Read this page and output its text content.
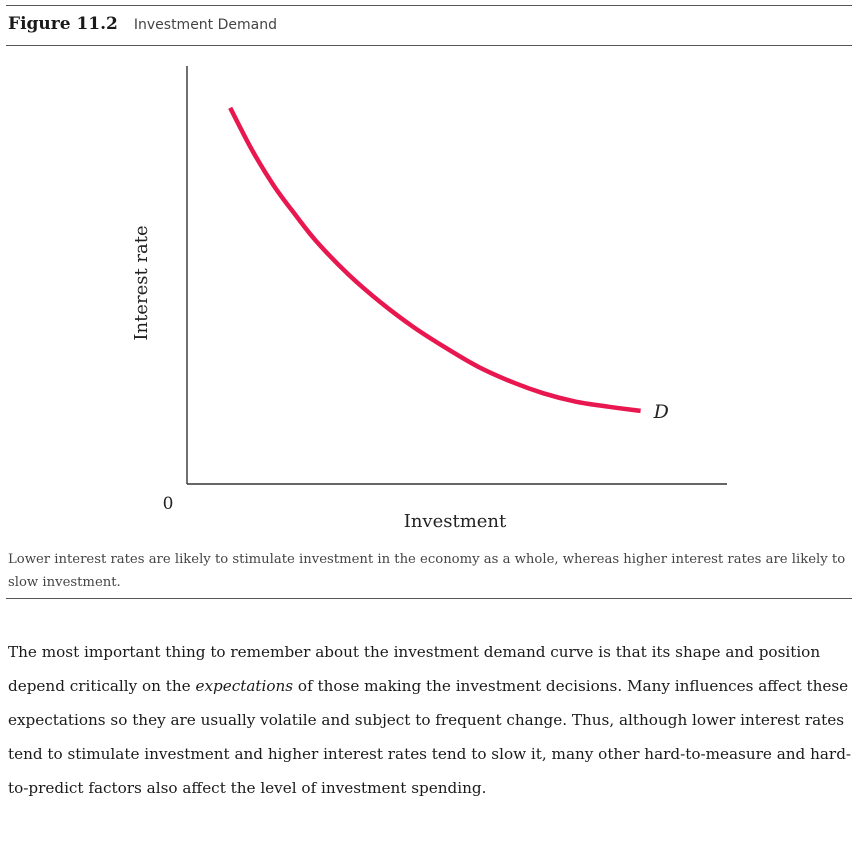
Figure 11.2 Investment Demand
Interest rate
Investment
0
D
Lower interest rates are likely to stimulate investment in the economy as a whole, whereas higher interest rates are likely to slow investment.
The most important thing to remember about the investment demand curve is that its shape and position depend critically on the expectations of those making the investment decisions. Many influences affect these expectations so they are usually volatile and subject to frequent change. Thus, although lower interest rates tend to stimulate investment and higher interest rates tend to slow it, many other hard-to-measure and hard-to-predict factors also affect the level of investment spending.
